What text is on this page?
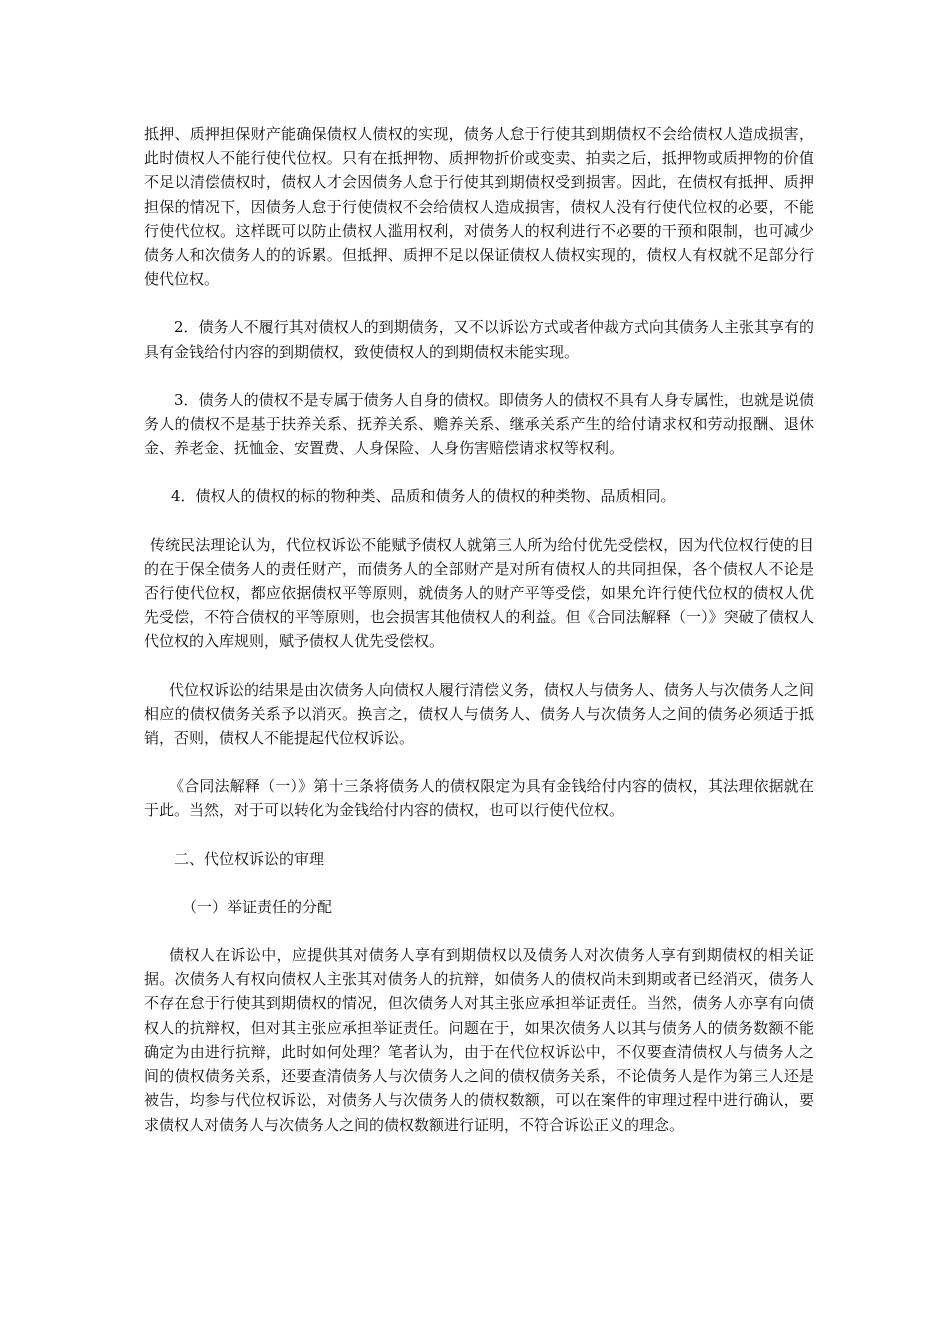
抵押、质押担保财产能确保债权人债权的实现，债务人怠于行使其到期债权不会给债权人造成损害，此时债权人不能行使代位权。只有在抵押物、质押物折价或变卖、拍卖之后，抵押物或质押物的价值不足以清偿债权时，债权人才会因债务人怠于行使其到期债权受到损害。因此，在债权有抵押、质押担保的情况下，因债务人怠于行使债权不会给债权人造成损害，债权人没有行使代位权的必要，不能行使代位权。这样既可以防止债权人滥用权利，对债务人的权利进行不必要的干预和限制，也可减少债务人和次债务人的的诉累。但抵押、质押不足以保证债权人债权实现的，债权人有权就不足部分行使代位权。

2．债务人不履行其对债权人的到期债务，又不以诉讼方式或者仲裁方式向其债务人主张其享有的具有金钱给付内容的到期债权，致使债权人的到期债权未能实现。

3．债务人的债权不是专属于债务人自身的债权。即债务人的债权不具有人身专属性，也就是说债务人的债权不是基于扶养关系、抚养关系、赡养关系、继承关系产生的给付请求权和劳动报酬、退休金、养老金、抚恤金、安置费、人身保险、人身伤害赔偿请求权等权利。

4．债权人的债权的标的物种类、品质和债务人的债权的种类物、品质相同。

传统民法理论认为，代位权诉讼不能赋予债权人就第三人所为给付优先受偿权，因为代位权行使的目的在于保全债务人的责任财产，而债务人的全部财产是对所有债权人的共同担保，各个债权人不论是否行使代位权，都应依据债权平等原则，就债务人的财产平等受偿，如果允许行使代位权的债权人优先受偿，不符合债权的平等原则，也会损害其他债权人的利益。但《合同法解释（一）》突破了债权人代位权的入库规则，赋予债权人优先受偿权。

代位权诉讼的结果是由次债务人向债权人履行清偿义务，债权人与债务人、债务人与次债务人之间相应的债权债务关系予以消灭。换言之，债权人与债务人、债务人与次债务人之间的债务必须适于抵销，否则，债权人不能提起代位权诉讼。

《合同法解释（一）》第十三条将债务人的债权限定为具有金钱给付内容的债权，其法理依据就在于此。当然，对于可以转化为金钱给付内容的债权，也可以行使代位权。

二、代位权诉讼的审理

（一）举证责任的分配

债权人在诉讼中，应提供其对债务人享有到期债权以及债务人对次债务人享有到期债权的相关证据。次债务人有权向债权人主张其对债务人的抗辩，如债务人的债权尚未到期或者已经消灭，债务人不存在怠于行使其到期债权的情况，但次债务人对其主张应承担举证责任。当然，债务人亦享有向债权人的抗辩权，但对其主张应承担举证责任。问题在于，如果次债务人以其与债务人的债务数额不能确定为由进行抗辩，此时如何处理？笔者认为，由于在代位权诉讼中，不仅要查清债权人与债务人之间的债权债务关系，还要查清债务人与次债务人之间的债权债务关系，不论债务人是作为第三人还是被告，均参与代位权诉讼，对债务人与次债务人的债权数额，可以在案件的审理过程中进行确认，要求债权人对债务人与次债务人之间的债权数额进行证明，不符合诉讼正义的理念。
